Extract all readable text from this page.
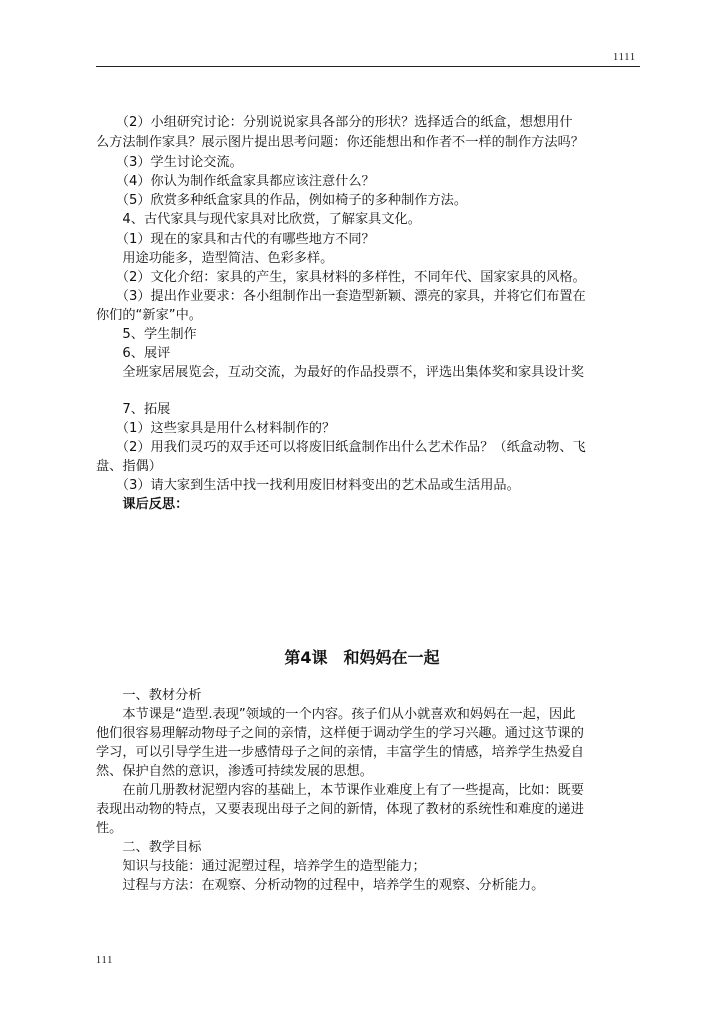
1111
　　（2）小组研究讨论：分别说说家具各部分的形状？选择适合的纸盒，想想用什
么方法制作家具？展示图片提出思考问题：你还能想出和作者不一样的制作方法吗？
　　（3）学生讨论交流。
　　（4）你认为制作纸盒家具都应该注意什么？
　　（5）欣赏多种纸盒家具的作品，例如椅子的多种制作方法。
　　4、古代家具与现代家具对比欣赏，了解家具文化。
　　（1）现在的家具和古代的有哪些地方不同？
　　用途功能多，造型简洁、色彩多样。
　　（2）文化介绍：家具的产生，家具材料的多样性，不同年代、国家家具的风格。
　　（3）提出作业要求：各小组制作出一套造型新颖、漂亮的家具，并将它们布置在
你们的“新家”中。
　　5、学生制作
　　6、展评
　　全班家居展览会，互动交流，为最好的作品投票不，评选出集体奖和家具设计奖
　　7、拓展
　　（1）这些家具是用什么材料制作的？
　　（2）用我们灵巧的双手还可以将废旧纸盒制作出什么艺术作品？（纸盒动物、飞
盘、指偶）
　　（3）请大家到生活中找一找利用废旧材料变出的艺术品或生活用品。
　　课后反思：
第4课　和妈妈在一起
　　一、教材分析
　　本节课是“造型.表现”领域的一个内容。孩子们从小就喜欢和妈妈在一起，因此
他们很容易理解动物母子之间的亲情，这样便于调动学生的学习兴趣。通过这节课的
学习，可以引导学生进一步感情母子之间的亲情，丰富学生的情感，培养学生热爱自
然、保护自然的意识，渗透可持续发展的思想。
　　在前几册教材泥塑内容的基础上，本节课作业难度上有了一些提高，比如：既要
表现出动物的特点，又要表现出母子之间的新情，体现了教材的系统性和难度的递进
性。
　　二、教学目标
　　知识与技能：通过泥塑过程，培养学生的造型能力；
　　过程与方法：在观察、分析动物的过程中，培养学生的观察、分析能力。
111
